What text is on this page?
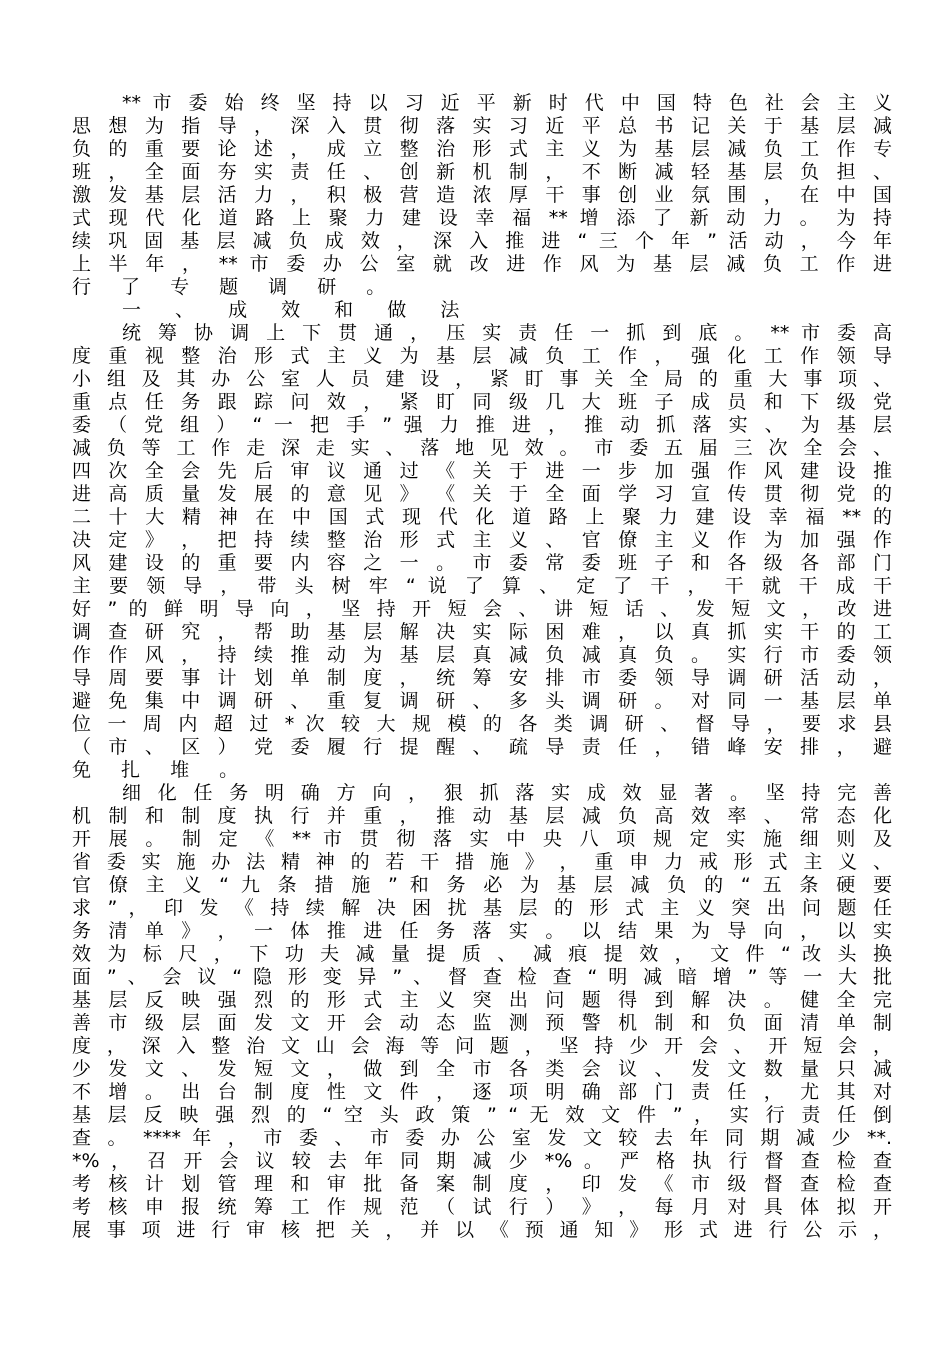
** 市 委 始 终 坚 持 以 习 近 平 新 时 代 中 国 特 色 社 会 主 义
思 想 为 指 导 ， 深 入 贯 彻 落 实 习 近 平 总 书 记 关 于 基 层 减
负 的 重 要 论 述 ， 成 立 整 治 形 式 主 义 为 基 层 减 负 工 作 专
班 ， 全 面 夯 实 责 任 、 创 新 机 制 ， 不 断 减 轻 基 层 负 担 、
激 发 基 层 活 力 ， 积 极 营 造 浓 厚 干 事 创 业 氛 围 ， 在 中 国
式 现 代 化 道 路 上 聚 力 建 设 幸 福 ** 增 添 了 新 动 力 。 为 持
续 巩 固 基 层 减 负 成 效 ， 深 入 推 进 “ 三 个 年 ” 活 动 ， 今 年
上 半 年 ， ** 市 委 办 公 室 就 改 进 作 风 为 基 层 减 负 工 作 进
行 了 专 题 调 研 。
一 、 成 效 和 做 法
统 筹 协 调 上 下 贯 通 ， 压 实 责 任 一 抓 到 底 。 ** 市 委 高
度 重 视 整 治 形 式 主 义 为 基 层 减 负 工 作 ， 强 化 工 作 领 导
小 组 及 其 办 公 室 人 员 建 设 ， 紧 盯 事 关 全 局 的 重 大 事 项 、
重 点 任 务 跟 踪 问 效 ， 紧 盯 同 级 几 大 班 子 成 员 和 下 级 党
委 （ 党 组 ） “ 一 把 手 ” 强 力 推 进 ， 推 动 抓 落 实 、 为 基 层
减 负 等 工 作 走 深 走 实 、 落 地 见 效 。 市 委 五 届 三 次 全 会 、
四 次 全 会 先 后 审 议 通 过 《 关 于 进 一 步 加 强 作 风 建 设 推
进 高 质 量 发 展 的 意 见 》 《 关 于 全 面 学 习 宣 传 贯 彻 党 的
二 十 大 精 神 在 中 国 式 现 代 化 道 路 上 聚 力 建 设 幸 福 ** 的
决 定 》 ， 把 持 续 整 治 形 式 主 义 、 官 僚 主 义 作 为 加 强 作
风 建 设 的 重 要 内 容 之 一 。 市 委 常 委 班 子 和 各 级 各 部 门
主 要 领 导 ， 带 头 树 牢 “ 说 了 算 、 定 了 干 ， 干 就 干 成 干
好 ” 的 鲜 明 导 向 ， 坚 持 开 短 会 、 讲 短 话 、 发 短 文 ， 改 进
调 查 研 究 ， 帮 助 基 层 解 决 实 际 困 难 ， 以 真 抓 实 干 的 工
作 作 风 ， 持 续 推 动 为 基 层 真 减 负 减 真 负 。 实 行 市 委 领
导 周 要 事 计 划 单 制 度 ， 统 筹 安 排 市 委 领 导 调 研 活 动 ，
避 免 集 中 调 研 、 重 复 调 研 、 多 头 调 研 。 对 同 一 基 层 单
位 一 周 内 超 过 * 次 较 大 规 模 的 各 类 调 研 、 督 导 ， 要 求 县
（ 市 、 区 ） 党 委 履 行 提 醒 、 疏 导 责 任 ， 错 峰 安 排 ， 避
免 扎 堆 。
细 化 任 务 明 确 方 向 ， 狠 抓 落 实 成 效 显 著 。 坚 持 完 善
机 制 和 制 度 执 行 并 重 ， 推 动 基 层 减 负 高 效 率 、 常 态 化
开 展 。 制 定 《 ** 市 贯 彻 落 实 中 央 八 项 规 定 实 施 细 则 及
省 委 实 施 办 法 精 神 的 若 干 措 施 》 ， 重 申 力 戒 形 式 主 义 、
官 僚 主 义 “ 九 条 措 施 ” 和 务 必 为 基 层 减 负 的 “ 五 条 硬 要
求 ” ， 印 发 《 持 续 解 决 困 扰 基 层 的 形 式 主 义 突 出 问 题 任
务 清 单 》 ， 一 体 推 进 任 务 落 实 。 以 结 果 为 导 向 ， 以 实
效 为 标 尺 ， 下 功 夫 减 量 提 质 、 减 痕 提 效 ， 文 件 “ 改 头 换
面 ” 、 会 议 “ 隐 形 变 异 ” 、 督 查 检 查 “ 明 减 暗 增 ” 等 一 大 批
基 层 反 映 强 烈 的 形 式 主 义 突 出 问 题 得 到 解 决 。 健 全 完
善 市 级 层 面 发 文 开 会 动 态 监 测 预 警 机 制 和 负 面 清 单 制
度 ， 深 入 整 治 文 山 会 海 等 问 题 ， 坚 持 少 开 会 、 开 短 会 ，
少 发 文 、 发 短 文 ， 做 到 全 市 各 类 会 议 、 发 文 数 量 只 减
不 增 。 出 台 制 度 性 文 件 ， 逐 项 明 确 部 门 责 任 ， 尤 其 对
基 层 反 映 强 烈 的 “ 空 头 政 策 ” “ 无 效 文 件 ” ， 实 行 责 任 倒
查 。 **** 年 ， 市 委 、 市 委 办 公 室 发 文 较 去 年 同 期 减 少 **.
*% ， 召 开 会 议 较 去 年 同 期 减 少 *% 。 严 格 执 行 督 查 检 查
考 核 计 划 管 理 和 审 批 备 案 制 度 ， 印 发 《 市 级 督 查 检 查
考 核 申 报 统 筹 工 作 规 范 （ 试 行 ） 》 ， 每 月 对 具 体 拟 开
展 事 项 进 行 审 核 把 关 ， 并 以 《 预 通 知 》 形 式 进 行 公 示 ，
